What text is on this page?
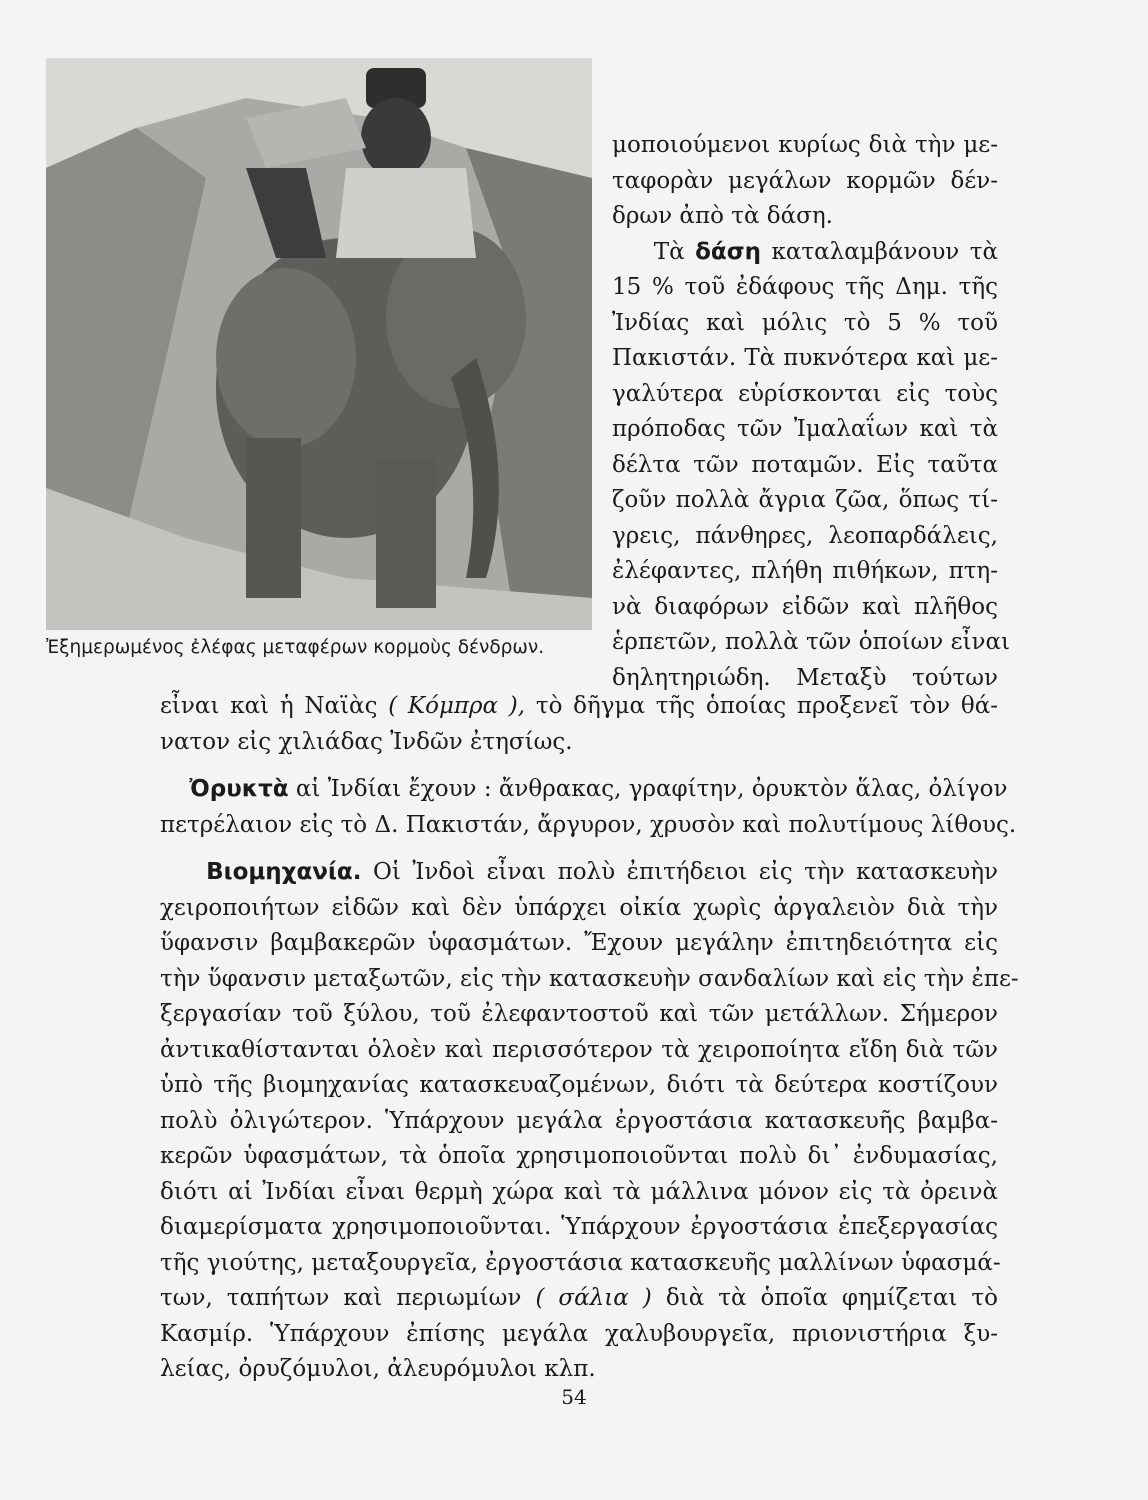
Ἐξημερωμένος ἐλέφας μεταφέρων κορμοὺς δένδρων.
μοποιούμενοι κυρίως διὰ τὴν με-
ταφορὰν μεγάλων κορμῶν δέν-
δρων ἀπὸ τὰ δάση.
Τὰ δάση καταλαμβάνουν τὰ
15 % τοῦ ἐδάφους τῆς Δημ. τῆς
Ἰνδίας καὶ μόλις τὸ 5 % τοῦ
Πακιστάν. Τὰ πυκνότερα καὶ με-
γαλύτερα εὑρίσκονται εἰς τοὺς
πρόποδας τῶν Ἰμαλαΐων καὶ τὰ
δέλτα τῶν ποταμῶν. Εἰς ταῦτα
ζοῦν πολλὰ ἄγρια ζῶα, ὅπως τί-
γρεις, πάνθηρες, λεοπαρδάλεις,
ἐλέφαντες, πλήθη πιθήκων, πτη-
νὰ διαφόρων εἰδῶν καὶ πλῆθος
ἑρπετῶν, πολλὰ τῶν ὁποίων εἶναι
δηλητηριώδη. Μεταξὺ τούτων
εἶναι καὶ ἡ Ναϊὰς ( Κόμπρα ), τὸ δῆγμα τῆς ὁποίας προξενεῖ τὸν θά-
νατον εἰς χιλιάδας Ἰνδῶν ἐτησίως.
Ὀρυκτὰ αἱ Ἰνδίαι ἔχουν : ἄνθρακας, γραφίτην, ὀρυκτὸν ἅλας, ὀλίγον
πετρέλαιον εἰς τὸ Δ. Πακιστάν, ἄργυρον, χρυσὸν καὶ πολυτίμους λίθους.
Βιομηχανία. Οἱ Ἰνδοὶ εἶναι πολὺ ἐπιτήδειοι εἰς τὴν κατασκευὴν
χειροποιήτων εἰδῶν καὶ δὲν ὑπάρχει οἰκία χωρὶς ἀργαλειὸν διὰ τὴν
ὕφανσιν βαμβακερῶν ὑφασμάτων. Ἔχουν μεγάλην ἐπιτηδειότητα εἰς
τὴν ὕφανσιν μεταξωτῶν, εἰς τὴν κατασκευὴν σανδαλίων καὶ εἰς τὴν ἐπε-
ξεργασίαν τοῦ ξύλου, τοῦ ἐλεφαντοστοῦ καὶ τῶν μετάλλων. Σήμερον
ἀντικαθίστανται ὁλοὲν καὶ περισσότερον τὰ χειροποίητα εἴδη διὰ τῶν
ὑπὸ τῆς βιομηχανίας κατασκευαζομένων, διότι τὰ δεύτερα κοστίζουν
πολὺ ὀλιγώτερον. Ὑπάρχουν μεγάλα ἐργοστάσια κατασκευῆς βαμβα-
κερῶν ὑφασμάτων, τὰ ὁποῖα χρησιμοποιοῦνται πολὺ δι᾽ ἐνδυμασίας,
διότι αἱ Ἰνδίαι εἶναι θερμὴ χώρα καὶ τὰ μάλλινα μόνον εἰς τὰ ὀρεινὰ
διαμερίσματα χρησιμοποιοῦνται. Ὑπάρχουν ἐργοστάσια ἐπεξεργασίας
τῆς γιούτης, μεταξουργεῖα, ἐργοστάσια κατασκευῆς μαλλίνων ὑφασμά-
των, ταπήτων καὶ περιωμίων ( σάλια ) διὰ τὰ ὁποῖα φημίζεται τὸ
Κασμίρ. Ὑπάρχουν ἐπίσης μεγάλα χαλυβουργεῖα, πριονιστήρια ξυ-
λείας, ὀρυζόμυλοι, ἀλευρόμυλοι κλπ.
54
